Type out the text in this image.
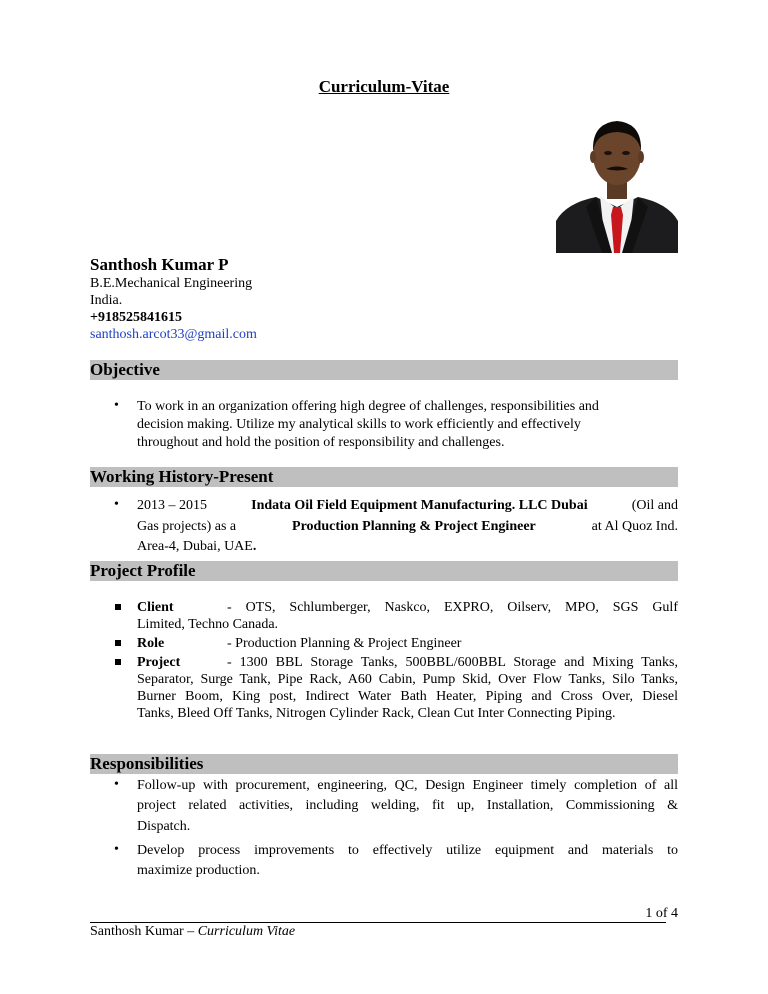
Curriculum-Vitae
Santhosh Kumar P
B.E.Mechanical Engineering
India.
+918525841615
santhosh.arcot33@gmail.com
Objective
• To work in an organization offering high degree of challenges, responsibilities and
decision making. Utilize my analytical skills to work efficiently and effectively
throughout and hold the position of responsibility and challenges.
Working History-Present
• 2013 – 2015	Indata Oil Field Equipment Manufacturing. LLC Dubai	(Oil and
Gas projects) as a	Production Planning & Project Engineer	at Al Quoz Ind.
Area-4, Dubai, UAE.
Project Profile
Client	- OTS, Schlumberger, Naskco, EXPRO, Oilserv, MPO, SGS Gulf
Limited, Techno Canada.
Role	- Production Planning & Project Engineer
Project	- 1300 BBL Storage Tanks, 500BBL/600BBL Storage and Mixing Tanks,
Separator, Surge Tank, Pipe Rack, A60 Cabin, Pump Skid, Over Flow Tanks, Silo Tanks,
Burner Boom, King post, Indirect Water Bath Heater, Piping and Cross Over, Diesel
Tanks, Bleed Off Tanks, Nitrogen Cylinder Rack, Clean Cut Inter Connecting Piping.
Responsibilities
• Follow-up with procurement, engineering, QC, Design Engineer timely completion of all
project related activities, including welding, fit up, Installation, Commissioning &
Dispatch.
• Develop process improvements to effectively utilize equipment and materials to
maximize production.
1 of 4
Santhosh Kumar – Curriculum Vitae
